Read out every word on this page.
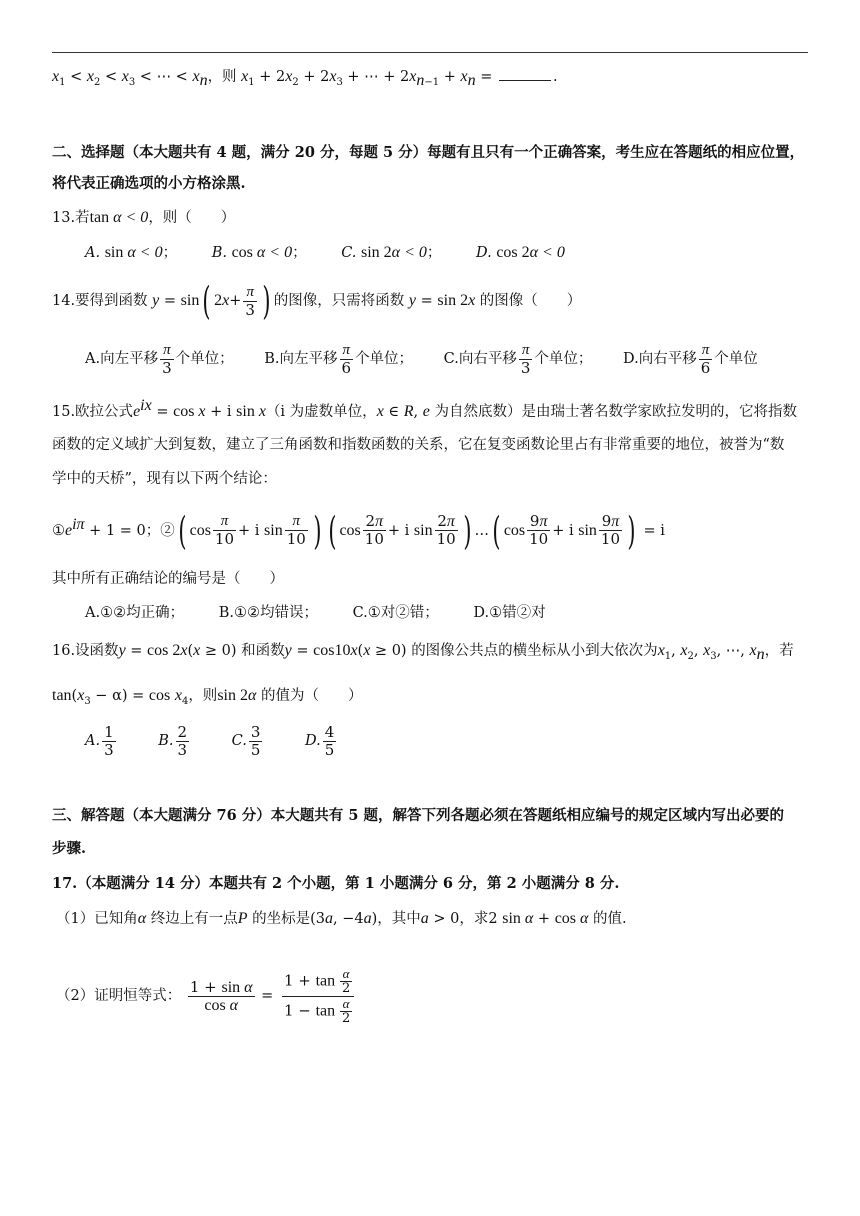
$x_1 < x_2 < x_3$ < ⋯ < $x_n$，则 $x_1 + 2x_2 + 2x_3$ + ⋯ + $2x_{n-1} + x_n$ =	.
二、选择题（本大题共有 4 题，满分 20 分，每题 5 分）每题有且只有一个正确答案，考生应在答题纸的相应位置，
将代表正确选项的小方格涂黑.
13.若tan α < 0，则（　　）
A. sin α < 0； B. cos α < 0； C. sin 2α < 0； D. cos 2α < 0
14.要得到函数 y = sin( $2x+ \frac{\pi}{3}$ ) 的图像，只需将函数 y = sin 2x 的图像（　　）
A.向左平移 $\frac{\pi}{3}$ 个单位； B.向左平移 $\frac{\pi}{6}$ 个单位； C.向右平移 $\frac{\pi}{3}$ 个单位； D.向右平移 $\frac{\pi}{6}$ 个单位
15.欧拉公式$e^{ix} = \cos x + i$ sin x（i 为虚数单位，x ∈ R, e 为自然底数）是由瑞士著名数学家欧拉发明的，它将指数
函数的定义域扩大到复数，建立了三角函数和指数函数的关系，它在复变函数论里占有非常重要的地位，被誉为“数
学中的天桥”，现有以下两个结论：
$①e^{i\pi} + 1 = 0$；②( $\cos \frac{\pi}{10} + i$ $\sin \frac{\pi}{10}$ ) ( $\cos \frac{2\pi}{10} + i$ $\sin \frac{2\pi}{10}$ ) …( $\cos \frac{9\pi}{10} + i$ $\sin \frac{9\pi}{10}$ ) = i
其中所有正确结论的编号是（　　）
A.①②均正确； B.①②均错误； C.①对②错； D.①错②对
16.设函数y = cos 2x(x ≥ 0) 和函数y = cos10x(x ≥ 0) 的图像公共点的横坐标从小到大依次为$x_1$, $x_2$, $x_3$, ⋯, $x_n$，若
$\tan(x_3 - \alpha) = \cos x_4$，则sin 2α 的值为（　　）
A. $\frac{1}{3}$	B. $\frac{2}{3}$	C. $\frac{3}{5}$	D. $\frac{4}{5}$
三、解答题（本大题满分 76 分）本大题共有 5 题，解答下列各题必须在答题纸相应编号的规定区域内写出必要的
步骤.
17.（本题满分 14 分）本题共有 2 个小题，第 1 小题满分 6 分，第 2 小题满分 8 分.
（1）已知角α 终边上有一点P 的坐标是(3a, −4a)，其中a > 0，求2 sin α + cos α 的值.
（2）证明恒等式： $\frac{\text{1 + sin α}}{\text{cos α}} = \frac{1 + \tan \frac{\alpha}{2}}{1 - \tan \frac{\alpha}{2}}$
